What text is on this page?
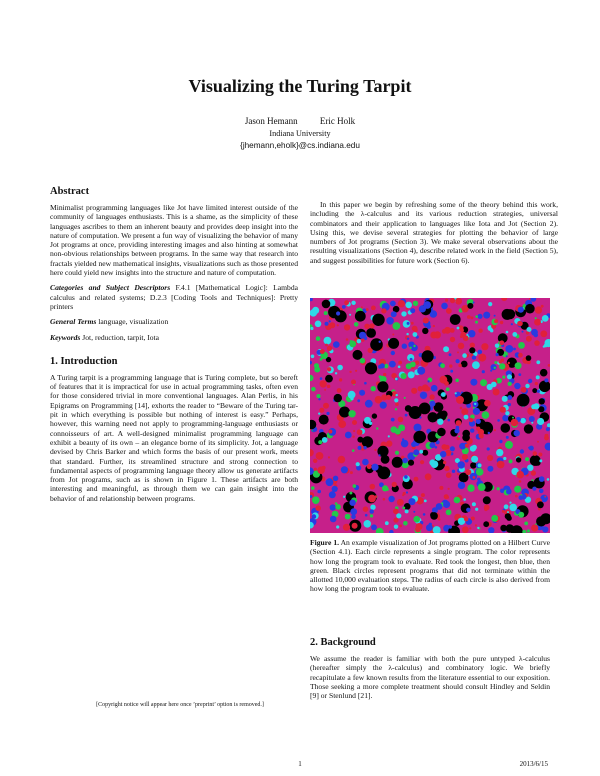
Visualizing the Turing Tarpit
Jason Hemann Eric Holk
Indiana University
{jhemann,eholk}@cs.indiana.edu
Abstract

Minimalist programming languages like Jot have limited interest outside of the community of languages enthusiasts. This is a shame, as the simplicity of these languages ascribes to them an inherent beauty and provides deep insight into the nature of computation. We present a fun way of visualizing the behavior of many Jot programs at once, providing interesting images and also hinting at somewhat non-obvious relationships between programs. In the same way that research into fractals yielded new mathematical insights, visualizations such as those presented here could yield new insights into the structure and nature of computation.

Categories and Subject Descriptors F.4.1 [Mathematical Logic]: Lambda calculus and related systems; D.2.3 [Coding Tools and Techniques]: Pretty printers
General Terms language, visualization
Keywords Jot, reduction, tarpit, Iota
1. Introduction

A Turing tarpit is a programming language that is Turing complete, but so bereft of features that it is impractical for use in actual programming tasks, often even for those considered trivial in more conventional languages. Alan Perlis, in his Epigrams on Programming [14], exhorts the reader to “Beware of the Turing tar-pit in which everything is possible but nothing of interest is easy.” Perhaps, however, this warning need not apply to programming-language enthusiasts or connoisseurs of art. A well-designed minimalist programming language can exhibit a beauty of its own – an elegance borne of its simplicity. Jot, a language devised by Chris Barker and which forms the basis of our present work, meets that standard. Further, its streamlined structure and strong connection to fundamental aspects of programming language theory allow us generate artifacts from Jot programs, such as is shown in Figure 1. These artifacts are both interesting and meaningful, as through them we can gain insight into the behavior of and relationship between programs.

[Copyright notice will appear here once ’preprint’ option is removed.]

In this paper we begin by refreshing some of the theory behind this work, including the λ-calculus and its various reduction strategies, universal combinators and their application to languages like Iota and Jot (Section 2). Using this, we devise several strategies for plotting the behavior of large numbers of Jot programs (Section 3). We make several observations about the resulting visualizations (Section 4), describe related work in the field (Section 5), and suggest possibilities for future work (Section 6).

Figure 1. An example visualization of Jot programs plotted on a Hilbert Curve (Section 4.1). Each circle represents a single program. The color represents how long the program took to evaluate. Red took the longest, then blue, then green. Black circles represent programs that did not terminate within the allotted 10,000 evaluation steps. The radius of each circle is also derived from how long the program took to evaluate.
2. Background

We assume the reader is familiar with both the pure untyped λ-calculus (hereafter simply the λ-calculus) and combinatory logic. We briefly recapitulate a few known results from the literature essential to our exposition. Those seeking a more complete treatment should consult Hindley and Seldin [9] or Stenlund [21].

1	2013/6/15
